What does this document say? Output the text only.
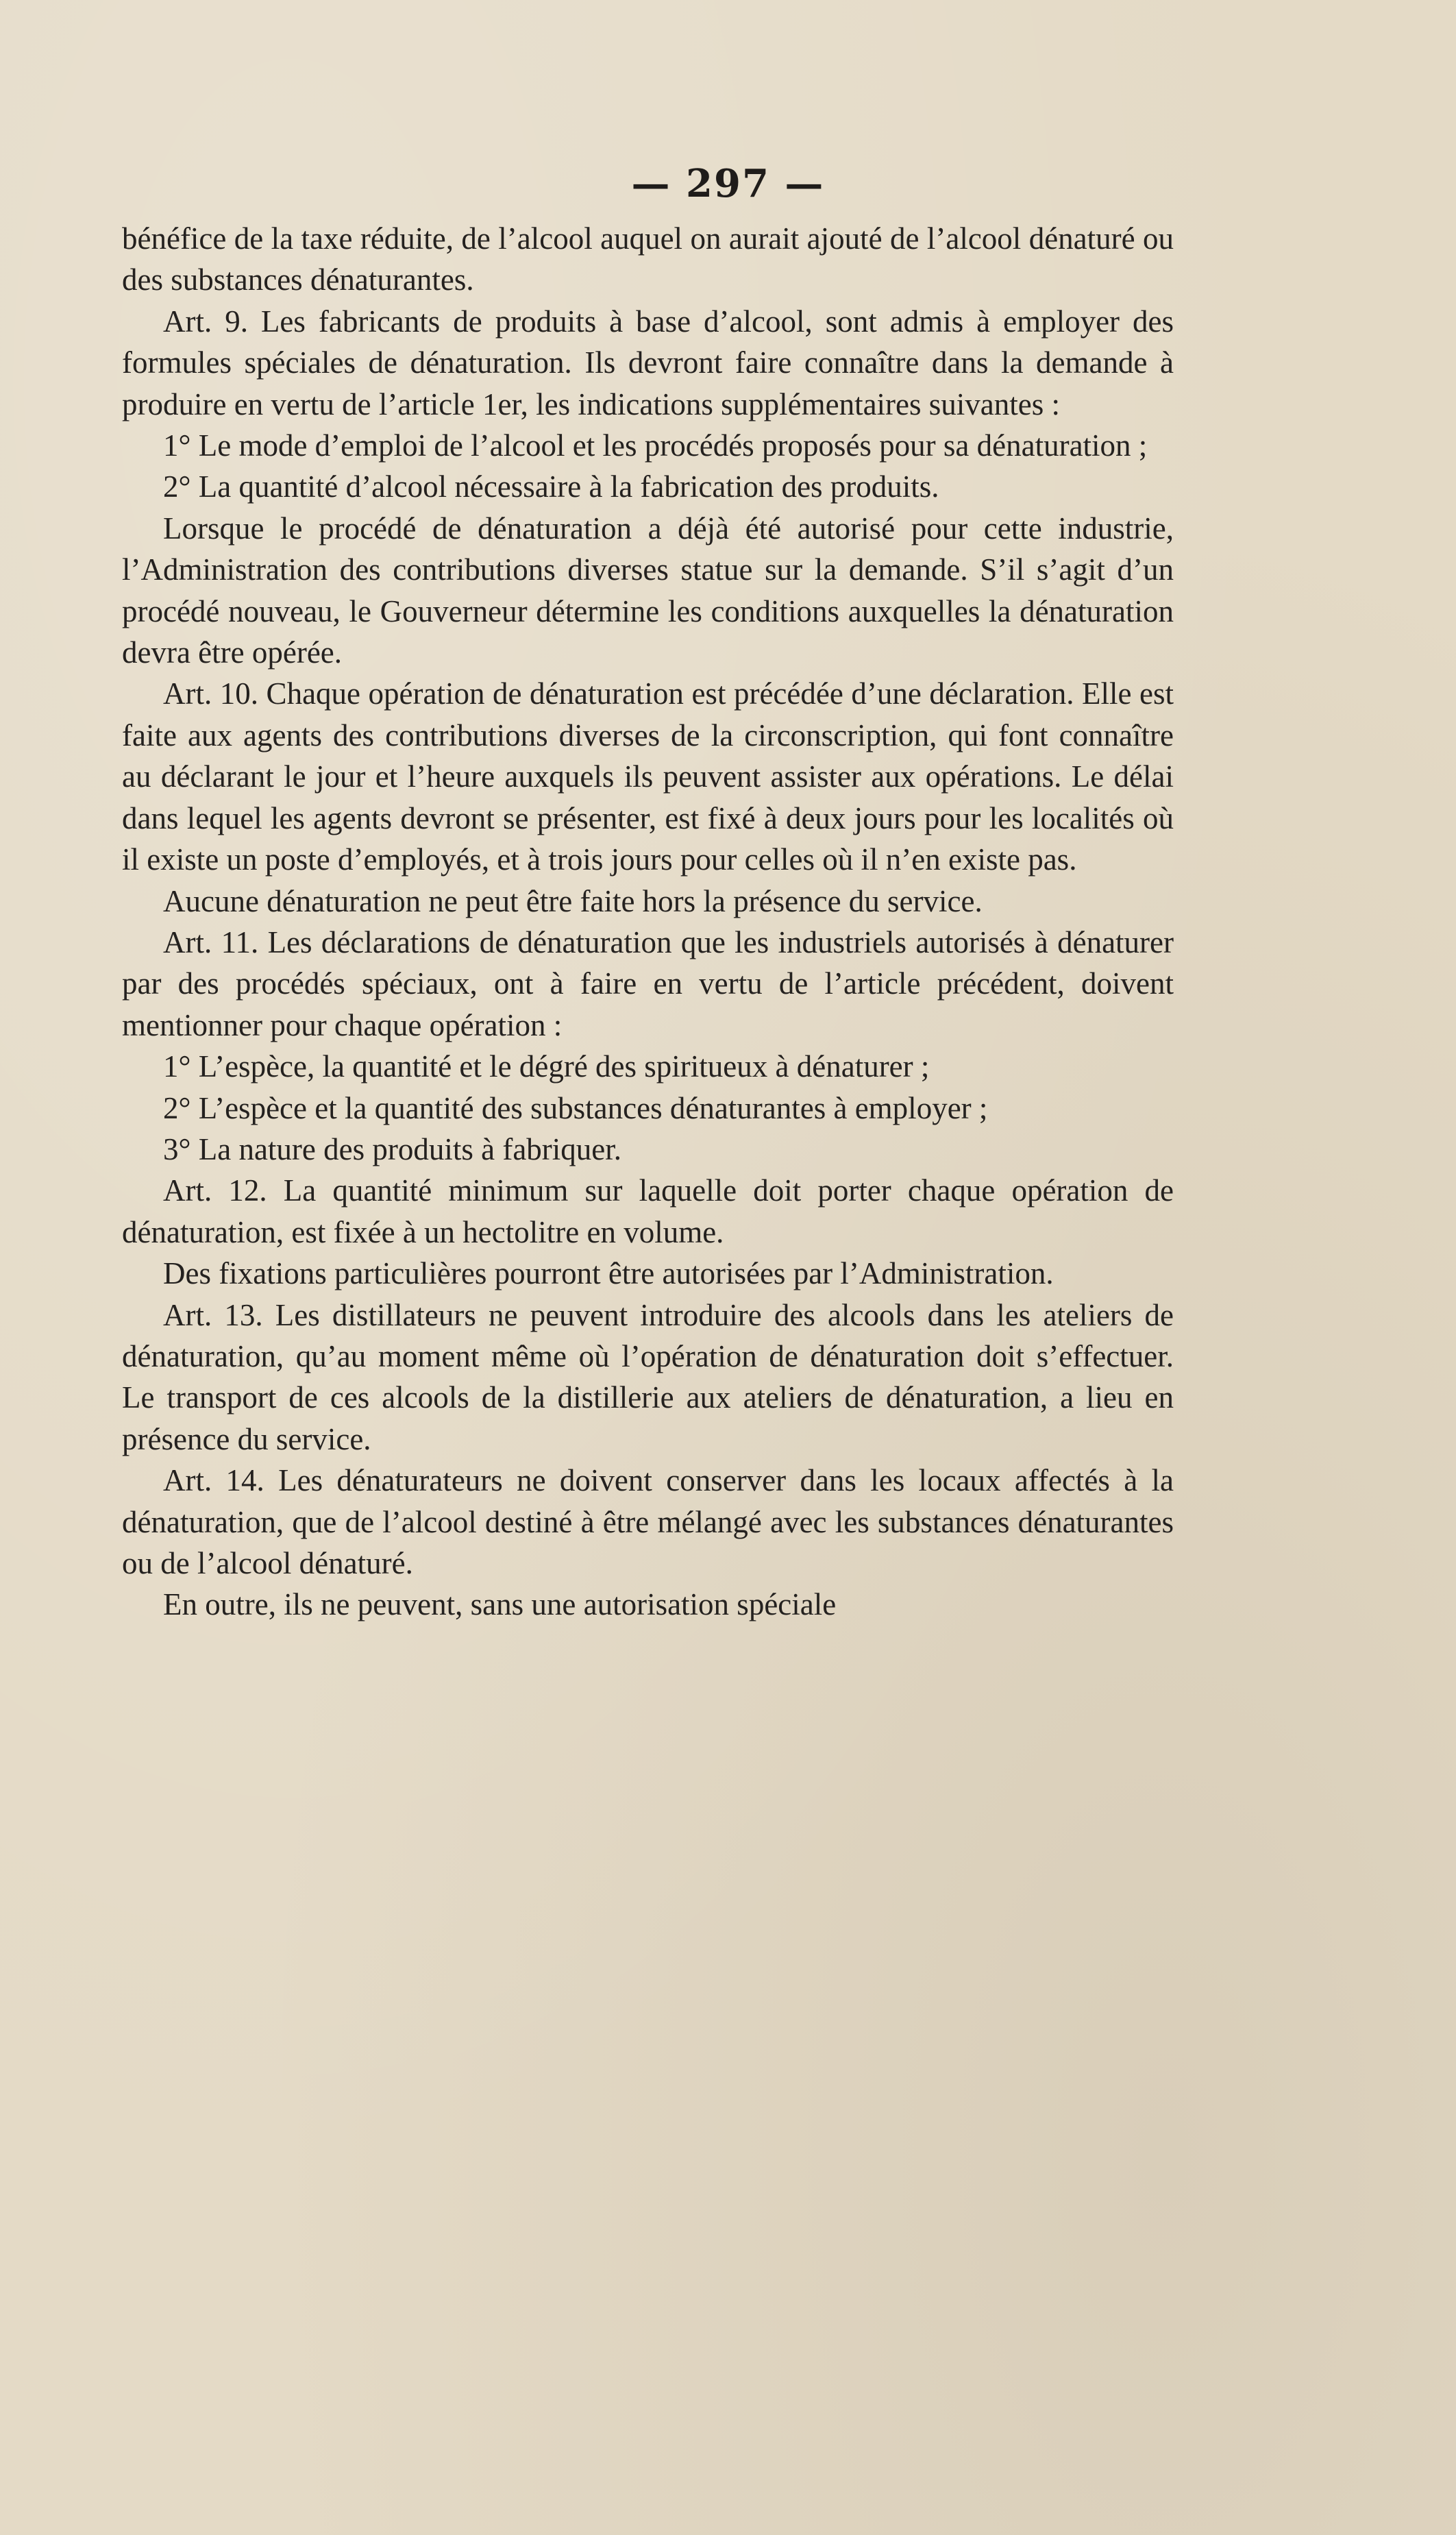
— 297 —

bénéfice de la taxe réduite, de l’alcool auquel on aurait ajouté de l’alcool dénaturé ou des substances dénaturantes.

Art. 9. Les fabricants de produits à base d’alcool, sont admis à employer des formules spéciales de dénaturation. Ils devront faire connaître dans la demande à produire en vertu de l’article 1er, les indications supplémentaires suivantes :

1° Le mode d’emploi de l’alcool et les procédés proposés pour sa dénaturation ;

2° La quantité d’alcool nécessaire à la fabrication des produits.

Lorsque le procédé de dénaturation a déjà été autorisé pour cette industrie, l’Administration des contributions diverses statue sur la demande. S’il s’agit d’un procédé nouveau, le Gouverneur détermine les conditions auxquelles la dénaturation devra être opérée.

Art. 10. Chaque opération de dénaturation est précédée d’une déclaration. Elle est faite aux agents des contributions diverses de la circonscription, qui font connaître au déclarant le jour et l’heure auxquels ils peuvent assister aux opérations. Le délai dans lequel les agents devront se présenter, est fixé à deux jours pour les localités où il existe un poste d’employés, et à trois jours pour celles où il n’en existe pas.

Aucune dénaturation ne peut être faite hors la présence du service.

Art. 11. Les déclarations de dénaturation que les industriels autorisés à dénaturer par des procédés spéciaux, ont à faire en vertu de l’article précédent, doivent mentionner pour chaque opération :

1° L’espèce, la quantité et le dégré des spiritueux à dénaturer ;

2° L’espèce et la quantité des substances dénaturantes à employer ;

3° La nature des produits à fabriquer.

Art. 12. La quantité minimum sur laquelle doit porter chaque opération de dénaturation, est fixée à un hectolitre en volume.

Des fixations particulières pourront être autorisées par l’Administration.

Art. 13. Les distillateurs ne peuvent introduire des alcools dans les ateliers de dénaturation, qu’au moment même où l’opération de dénaturation doit s’effectuer. Le transport de ces alcools de la distillerie aux ateliers de dénaturation, a lieu en présence du service.

Art. 14. Les dénaturateurs ne doivent conserver dans les locaux affectés à la dénaturation, que de l’alcool destiné à être mélangé avec les substances dénaturantes ou de l’alcool dénaturé.

En outre, ils ne peuvent, sans une autorisation spéciale
